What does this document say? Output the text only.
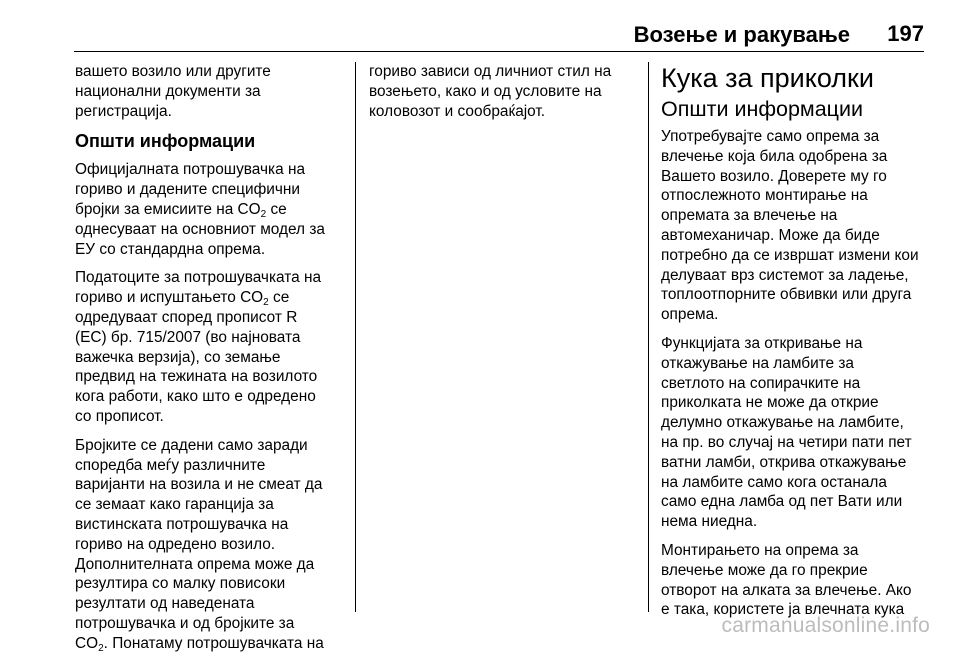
Возење и ракување 197

вашето возило или другите
национални документи за
регистрација.

Општи информации

Официјалната потрошувачка на
гориво и дадените специфични
бројки за емисиите на $CO_2$ се
однесуваат на основниот модел за
ЕУ со стандардна опрема.

Податоците за потрошувачката на
гориво и испуштањето $CO_2$ се
одредуваат според прописот R
(ЕС) бр. 715/2007 (во најновата
важечка верзија), со земање
предвид на тежината на возилото
кога работи, како што е одредено
со прописот.

Бројките се дадени само заради
споредба меѓу различните
варијанти на возила и не смеат да
се земаат како гаранција за
вистинската потрошувачка на
гориво на одредено возило.
Дополнителната опрема може да
резултира со малку повисоки
резултати од наведената
потрошувачка и од бројките за
$CO_2$. Понатаму потрошувачката на

гориво зависи од личниот стил на
возењето, како и од условите на
коловозот и сообраќајот.

Кука за приколки
Општи информации

Употребувајте само опрема за
влечење која била одобрена за
Вашето возило. Доверете му го
отпослежното монтирање на
опремата за влечење на
автомеханичар. Може да биде
потребно да се извршат измени кои
делуваат врз системот за ладење,
топлоотпорните обвивки или друга
опрема.

Функцијата за откривање на
откажување на ламбите за
светлото на сопирачките на
приколката не може да открие
делумно откажување на ламбите,
на пр. во случај на четири пати пет
ватни ламби, открива откажување
на ламбите само кога останала
само една ламба од пет Вати или
нема ниедна.

Монтирањето на опрема за
влечење може да го прекрие
отворот на алката за влечење. Ако
е така, користете ја влечната кука

carmanualsonline.info
